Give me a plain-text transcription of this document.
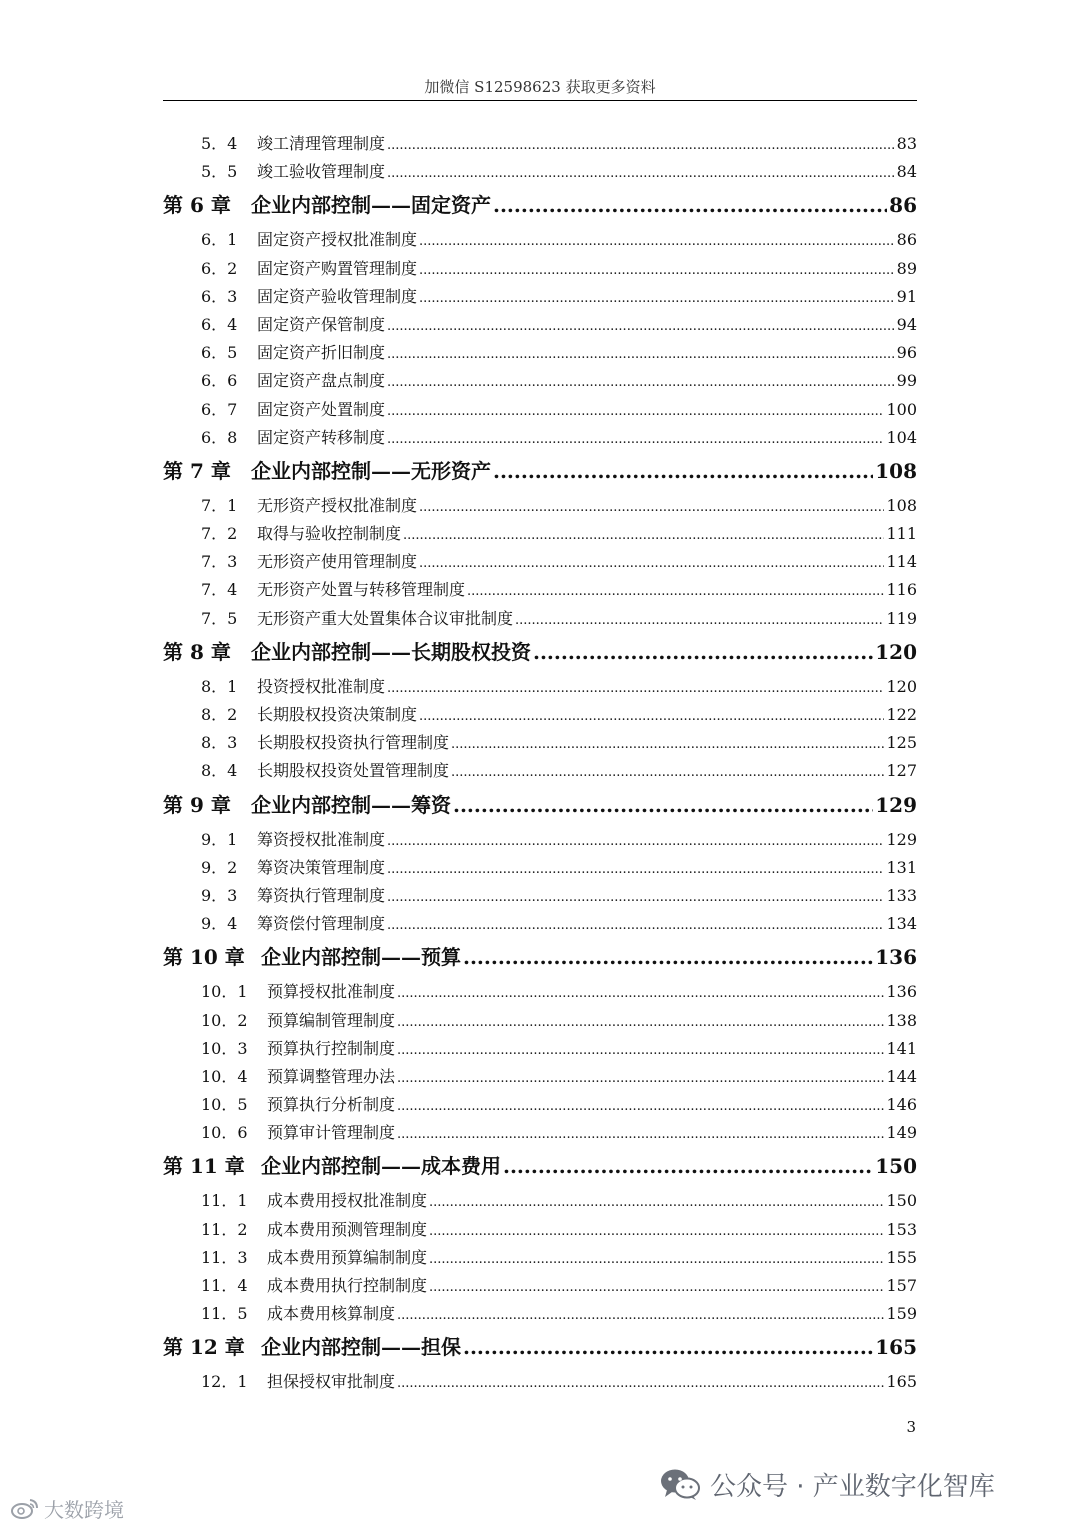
加微信 S12598623 获取更多资料
5．4	竣工清理管理制度 .....	83
5．5	竣工验收管理制度 .....	84
第 6 章	企业内部控制——固定资产 .....	86
6．1	固定资产授权批准制度 .....	86
6．2	固定资产购置管理制度 .....	89
6．3	固定资产验收管理制度 .....	91
6．4	固定资产保管制度 .....	94
6．5	固定资产折旧制度 .....	96
6．6	固定资产盘点制度 .....	99
6．7	固定资产处置制度 .....	100
6．8	固定资产转移制度 .....	104
第 7 章	企业内部控制——无形资产 .....	108
7．1	无形资产授权批准制度 .....	108
7．2	取得与验收控制制度 .....	111
7．3	无形资产使用管理制度 .....	114
7．4	无形资产处置与转移管理制度 .....	116
7．5	无形资产重大处置集体合议审批制度 .....	119
第 8 章	企业内部控制——长期股权投资 .....	120
8．1	投资授权批准制度 .....	120
8．2	长期股权投资决策制度 .....	122
8．3	长期股权投资执行管理制度 .....	125
8．4	长期股权投资处置管理制度 .....	127
第 9 章	企业内部控制——筹资 .....	129
9．1	筹资授权批准制度 .....	129
9．2	筹资决策管理制度 .....	131
9．3	筹资执行管理制度 .....	133
9．4	筹资偿付管理制度 .....	134
第 10 章 企业内部控制——预算 .....	136
10．1	预算授权批准制度 .....	136
10．2	预算编制管理制度 .....	138
10．3	预算执行控制制度 .....	141
10．4	预算调整管理办法 .....	144
10．5	预算执行分析制度 .....	146
10．6	预算审计管理制度 .....	149
第 11 章 企业内部控制——成本费用 .....	150
11．1	成本费用授权批准制度 .....	150
11．2	成本费用预测管理制度 .....	153
11．3	成本费用预算编制制度 .....	155
11．4	成本费用执行控制制度 .....	157
11．5	成本费用核算制度 .....	159
第 12 章 企业内部控制——担保 .....	165
12．1	担保授权审批制度 .....	165
3
公众号 · 产业数字化智库
大数跨境
